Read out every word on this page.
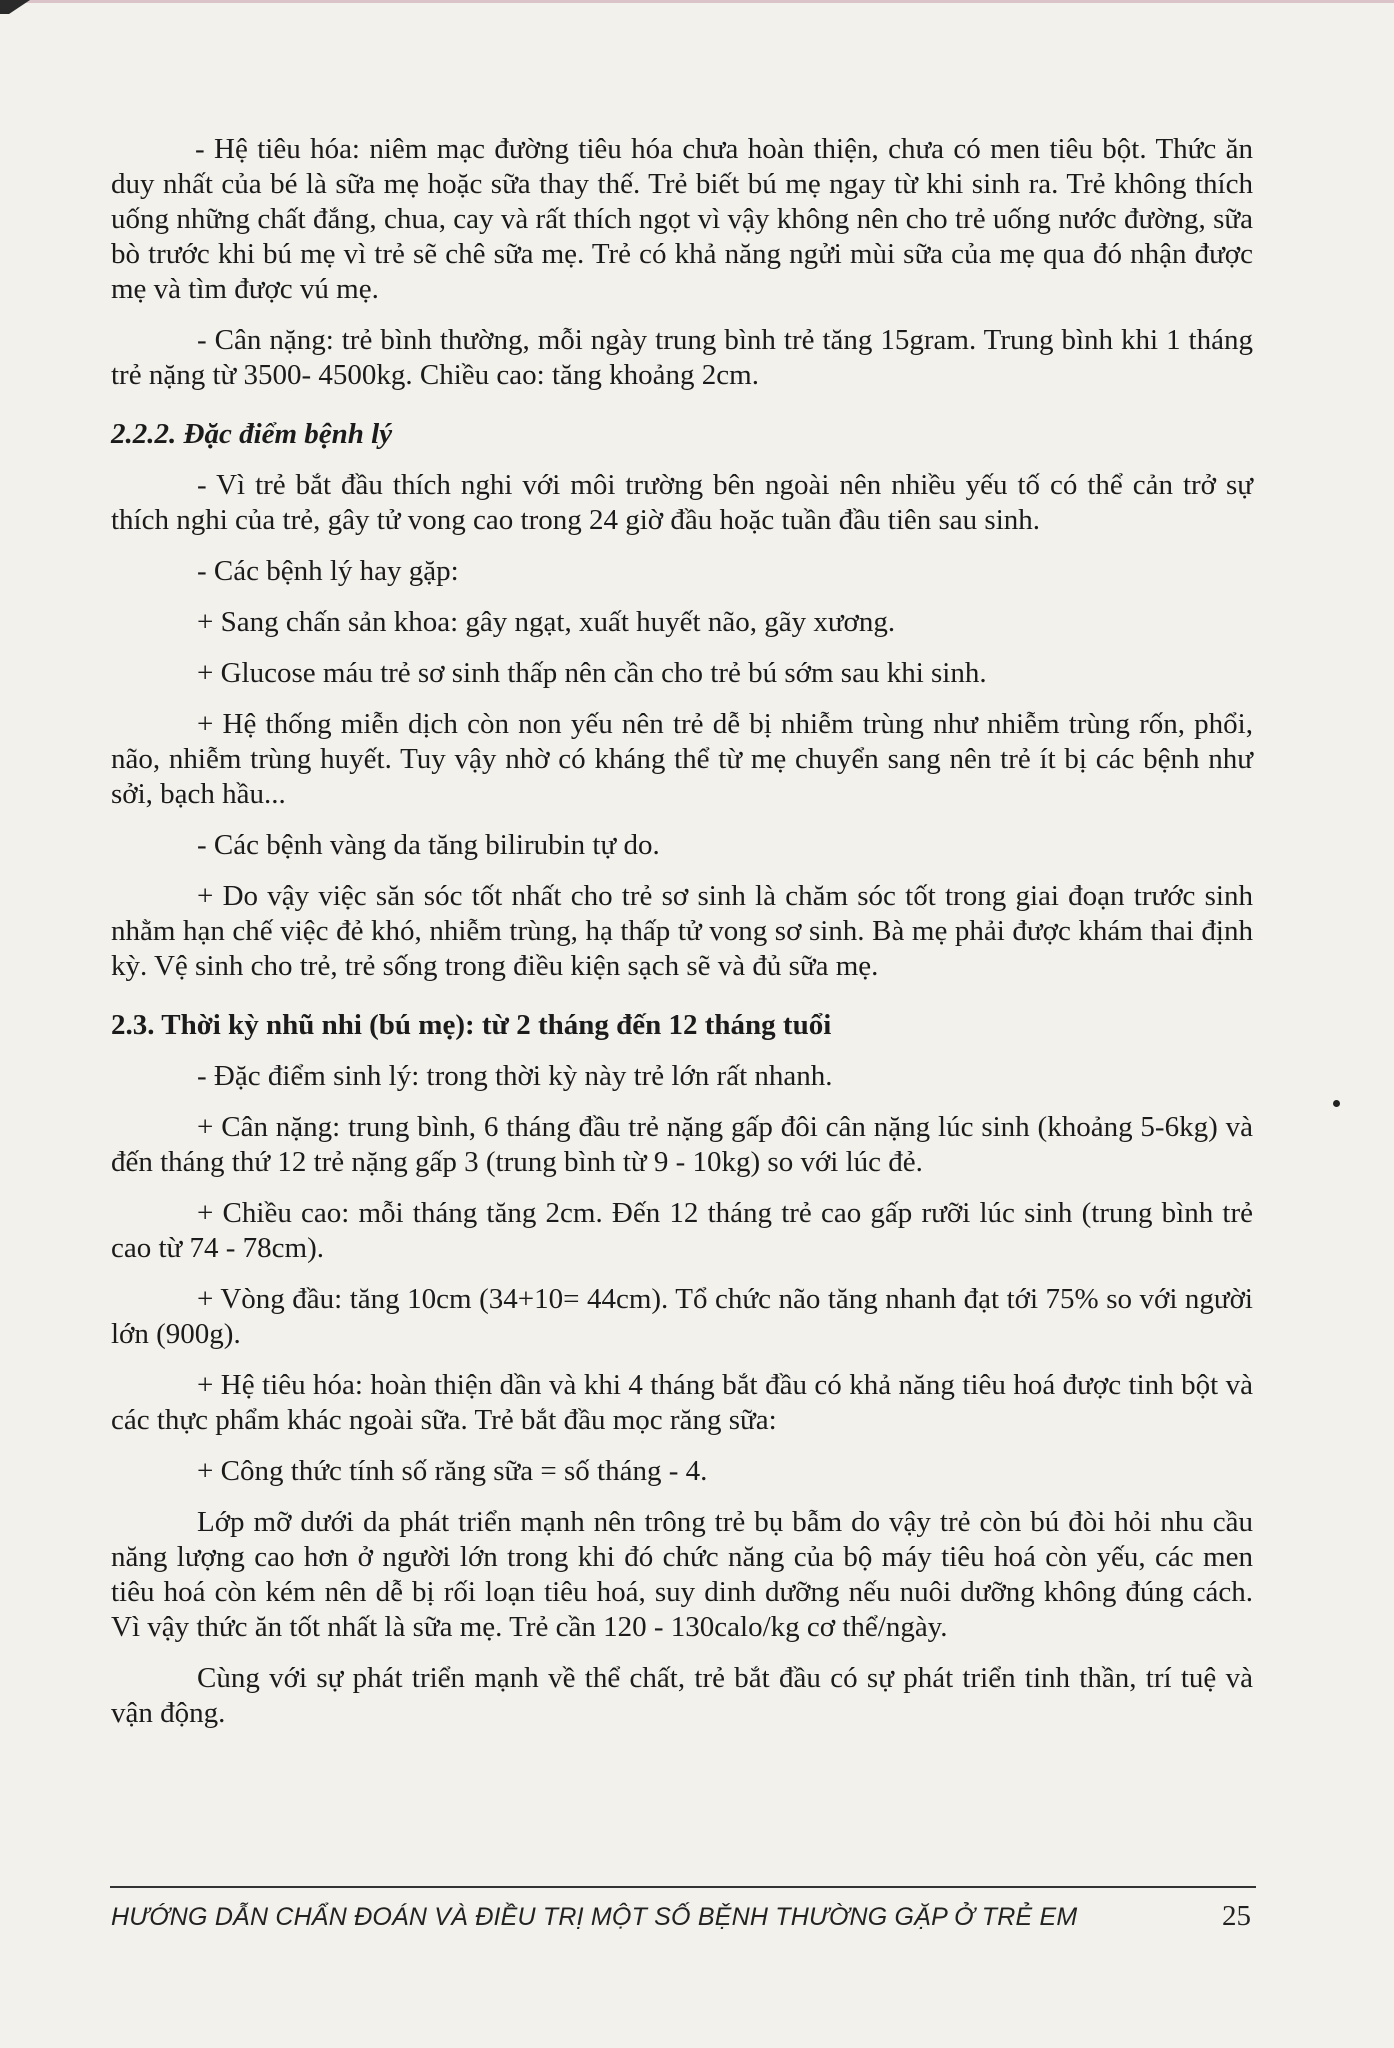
- Hệ tiêu hóa: niêm mạc đường tiêu hóa chưa hoàn thiện, chưa có men tiêu bột. Thức ăn duy nhất của bé là sữa mẹ hoặc sữa thay thế. Trẻ biết bú mẹ ngay từ khi sinh ra. Trẻ không thích uống những chất đắng, chua, cay và rất thích ngọt vì vậy không nên cho trẻ uống nước đường, sữa bò trước khi bú mẹ vì trẻ sẽ chê sữa mẹ. Trẻ có khả năng ngửi mùi sữa của mẹ qua đó nhận được mẹ và tìm được vú mẹ.

- Cân nặng: trẻ bình thường, mỗi ngày trung bình trẻ tăng 15gram. Trung bình khi 1 tháng trẻ nặng từ 3500- 4500kg. Chiều cao: tăng khoảng 2cm.

2.2.2. Đặc điểm bệnh lý

- Vì trẻ bắt đầu thích nghi với môi trường bên ngoài nên nhiều yếu tố có thể cản trở sự thích nghi của trẻ, gây tử vong cao trong 24 giờ đầu hoặc tuần đầu tiên sau sinh.

- Các bệnh lý hay gặp:

+ Sang chấn sản khoa: gây ngạt, xuất huyết não, gãy xương.

+ Glucose máu trẻ sơ sinh thấp nên cần cho trẻ bú sớm sau khi sinh.

+ Hệ thống miễn dịch còn non yếu nên trẻ dễ bị nhiễm trùng như nhiễm trùng rốn, phổi, não, nhiễm trùng huyết. Tuy vậy nhờ có kháng thể từ mẹ chuyển sang nên trẻ ít bị các bệnh như sởi, bạch hầu...

- Các bệnh vàng da tăng bilirubin tự do.

+ Do vậy việc săn sóc tốt nhất cho trẻ sơ sinh là chăm sóc tốt trong giai đoạn trước sinh nhằm hạn chế việc đẻ khó, nhiễm trùng, hạ thấp tử vong sơ sinh. Bà mẹ phải được khám thai định kỳ. Vệ sinh cho trẻ, trẻ sống trong điều kiện sạch sẽ và đủ sữa mẹ.

2.3. Thời kỳ nhũ nhi (bú mẹ): từ 2 tháng đến 12 tháng tuổi

- Đặc điểm sinh lý: trong thời kỳ này trẻ lớn rất nhanh.

+ Cân nặng: trung bình, 6 tháng đầu trẻ nặng gấp đôi cân nặng lúc sinh (khoảng 5-6kg) và đến tháng thứ 12 trẻ nặng gấp 3 (trung bình từ 9 - 10kg) so với lúc đẻ.

+ Chiều cao: mỗi tháng tăng 2cm. Đến 12 tháng trẻ cao gấp rưỡi lúc sinh (trung bình trẻ cao từ 74 - 78cm).

+ Vòng đầu: tăng 10cm (34+10= 44cm). Tổ chức não tăng nhanh đạt tới 75% so với người lớn (900g).

+ Hệ tiêu hóa: hoàn thiện dần và khi 4 tháng bắt đầu có khả năng tiêu hoá được tinh bột và các thực phẩm khác ngoài sữa. Trẻ bắt đầu mọc răng sữa:

+ Công thức tính số răng sữa = số tháng - 4.

Lớp mỡ dưới da phát triển mạnh nên trông trẻ bụ bẫm do vậy trẻ còn bú đòi hỏi nhu cầu năng lượng cao hơn ở người lớn trong khi đó chức năng của bộ máy tiêu hoá còn yếu, các men tiêu hoá còn kém nên dễ bị rối loạn tiêu hoá, suy dinh dưỡng nếu nuôi dưỡng không đúng cách. Vì vậy thức ăn tốt nhất là sữa mẹ. Trẻ cần 120 - 130calo/kg cơ thể/ngày.

Cùng với sự phát triển mạnh về thể chất, trẻ bắt đầu có sự phát triển tinh thần, trí tuệ và vận động.

HƯỚNG DẪN CHẨN ĐOÁN VÀ ĐIỀU TRỊ MỘT SỐ BỆNH THƯỜNG GẶP Ở TRẺ EM	25
